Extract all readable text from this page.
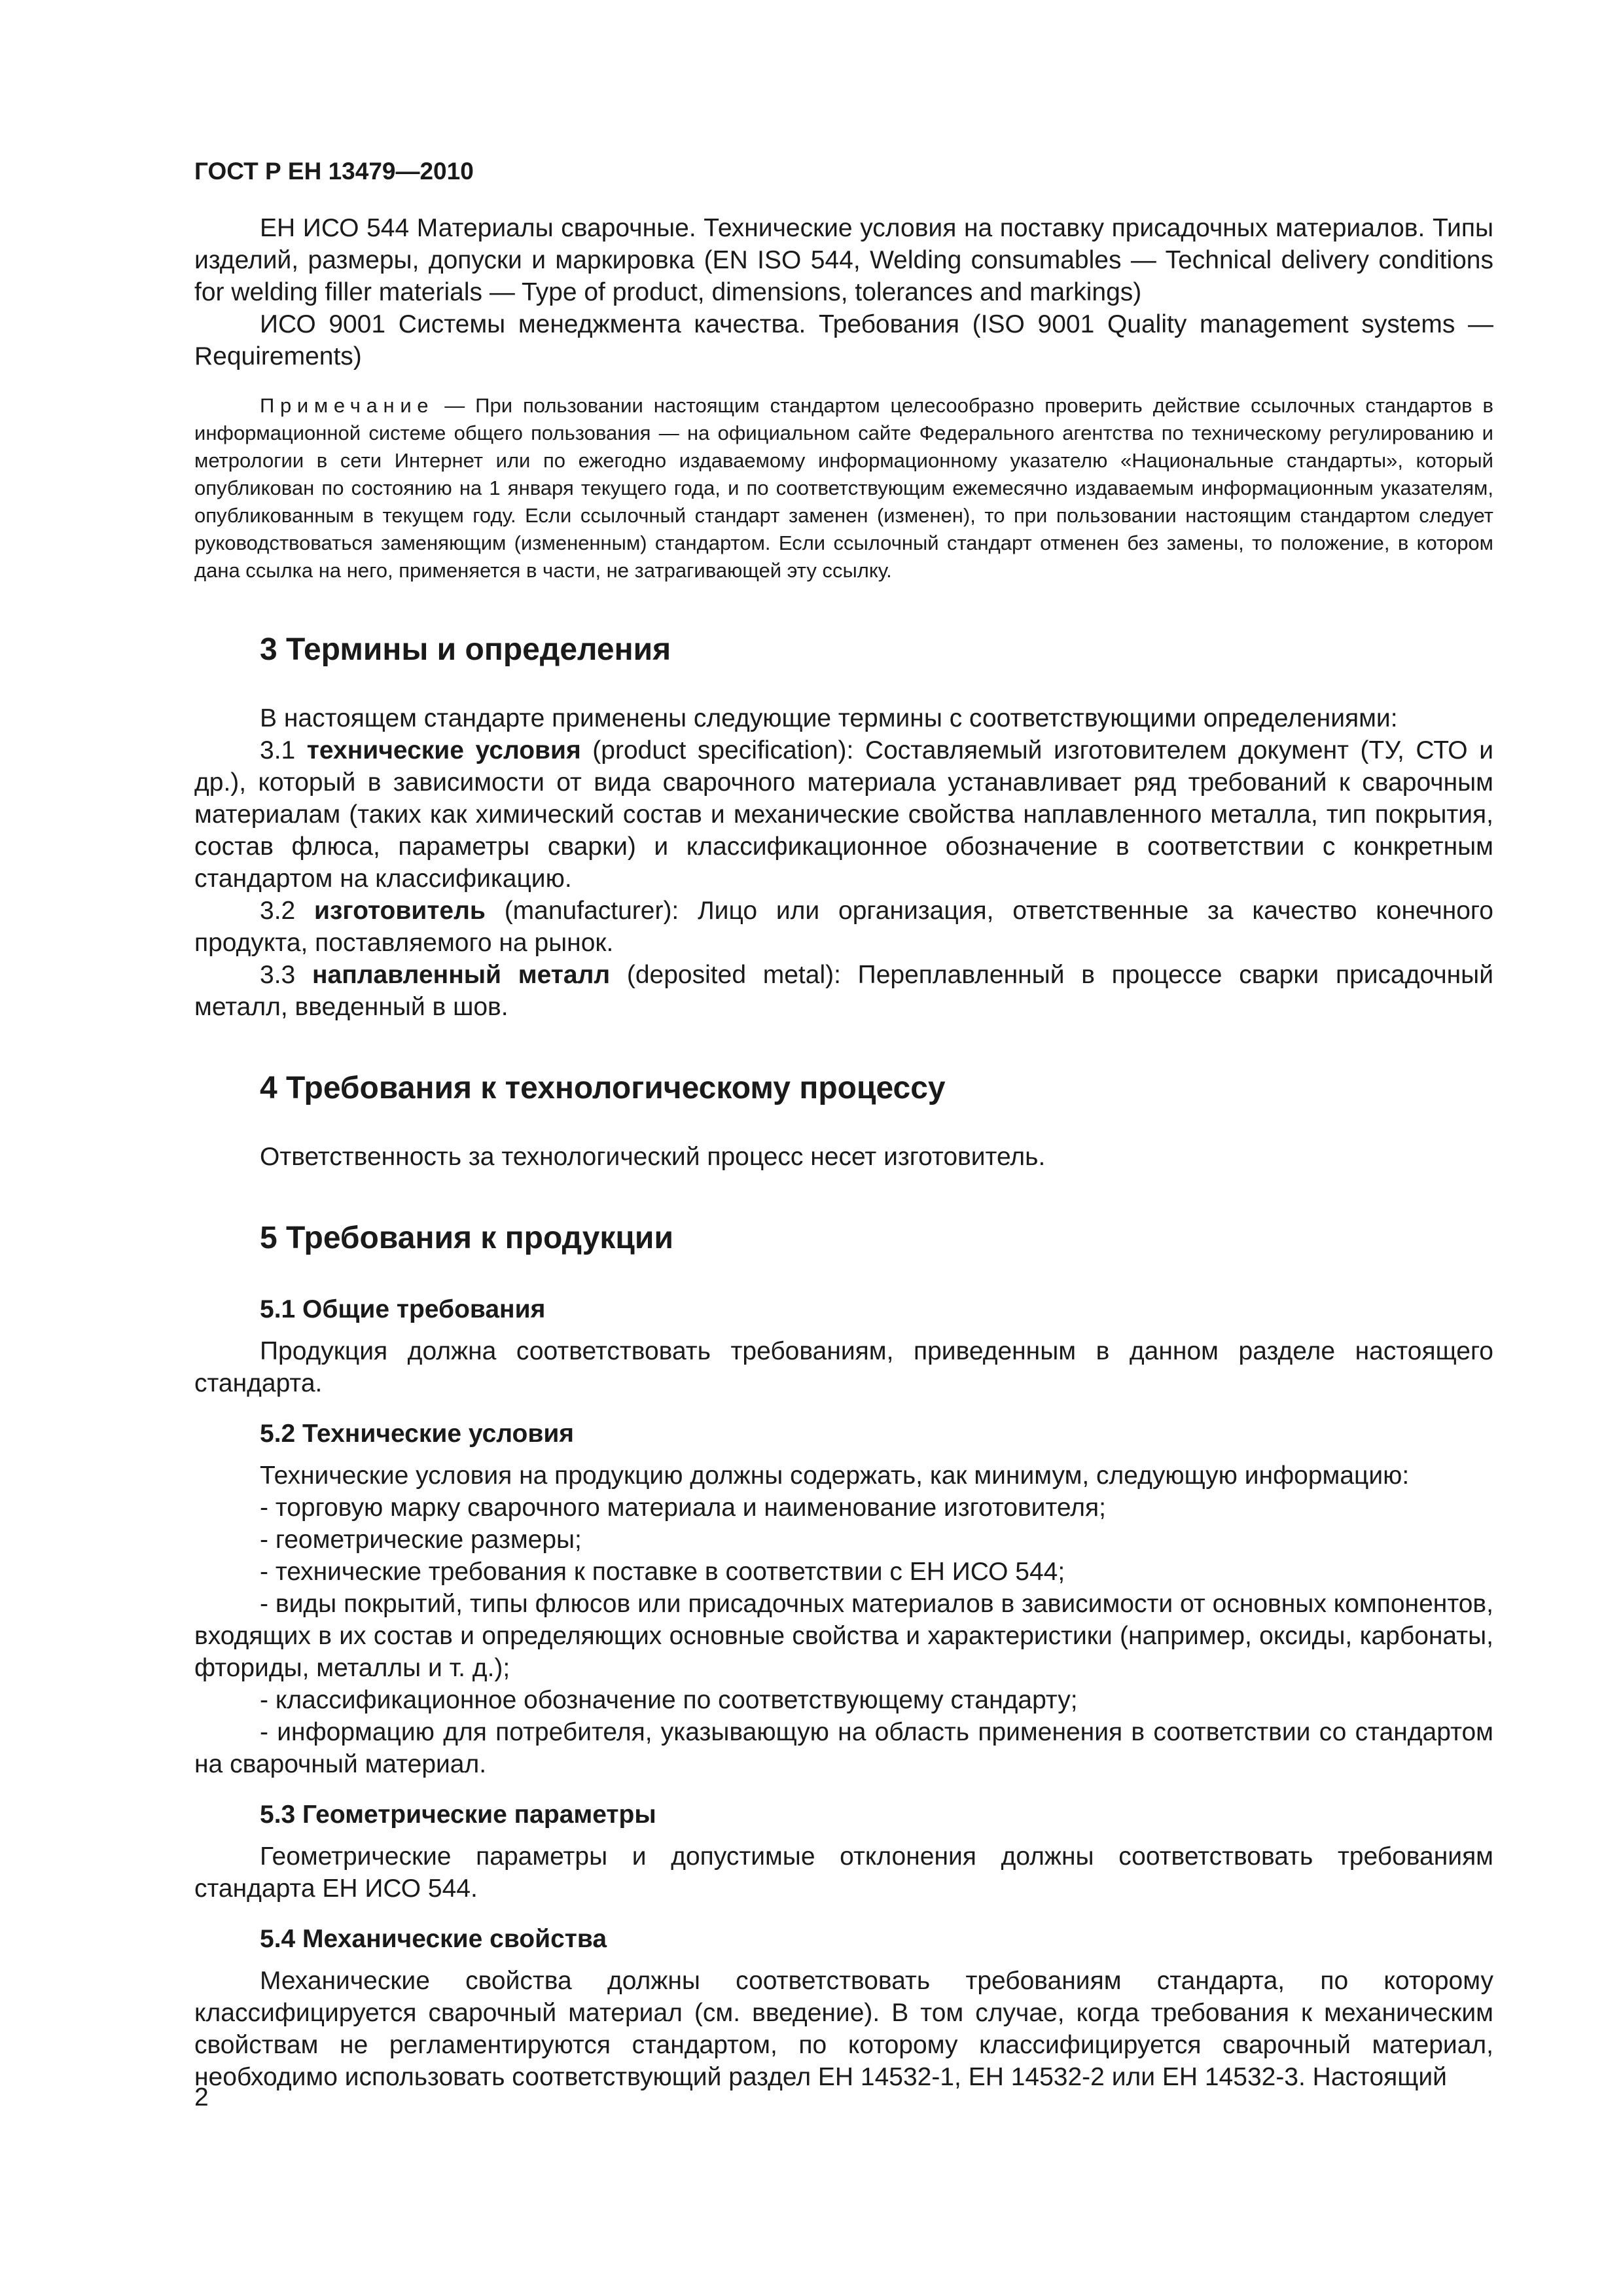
ГОСТ Р ЕН 13479—2010

ЕН ИСО 544 Материалы сварочные. Технические условия на поставку присадочных материалов. Типы изделий, размеры, допуски и маркировка (EN ISO 544, Welding consumables — Technical delivery conditions for welding filler materials — Type of product, dimensions, tolerances and markings)

ИСО 9001 Системы менеджмента качества. Требования (ISO 9001 Quality management systems — Requirements)

Примечание — При пользовании настоящим стандартом целесообразно проверить действие ссылочных стандартов в информационной системе общего пользования — на официальном сайте Федерального агентства по техническому регулированию и метрологии в сети Интернет или по ежегодно издаваемому информационному указателю «Национальные стандарты», который опубликован по состоянию на 1 января текущего года, и по соответствующим ежемесячно издаваемым информационным указателям, опубликованным в текущем году. Если ссылочный стандарт заменен (изменен), то при пользовании настоящим стандартом следует руководствоваться заменяющим (измененным) стандартом. Если ссылочный стандарт отменен без замены, то положение, в котором дана ссылка на него, применяется в части, не затрагивающей эту ссылку.

3 Термины и определения

В настоящем стандарте применены следующие термины с соответствующими определениями:

3.1 технические условия (product specification): Составляемый изготовителем документ (ТУ, СТО и др.), который в зависимости от вида сварочного материала устанавливает ряд требований к сварочным материалам (таких как химический состав и механические свойства наплавленного металла, тип покрытия, состав флюса, параметры сварки) и классификационное обозначение в соответствии с конкретным стандартом на классификацию.

3.2 изготовитель (manufacturer): Лицо или организация, ответственные за качество конечного продукта, поставляемого на рынок.

3.3 наплавленный металл (deposited metal): Переплавленный в процессе сварки присадочный металл, введенный в шов.

4 Требования к технологическому процессу

Ответственность за технологический процесс несет изготовитель.

5 Требования к продукции
5.1 Общие требования

Продукция должна соответствовать требованиям, приведенным в данном разделе настоящего стандарта.

5.2 Технические условия

Технические условия на продукцию должны содержать, как минимум, следующую информацию:

- торговую марку сварочного материала и наименование изготовителя;

- геометрические размеры;

- технические требования к поставке в соответствии с ЕН ИСО 544;

- виды покрытий, типы флюсов или присадочных материалов в зависимости от основных компонентов, входящих в их состав и определяющих основные свойства и характеристики (например, оксиды, карбонаты, фториды, металлы и т. д.);

- классификационное обозначение по соответствующему стандарту;

- информацию для потребителя, указывающую на область применения в соответствии со стандартом на сварочный материал.

5.3 Геометрические параметры

Геометрические параметры и допустимые отклонения должны соответствовать требованиям стандарта ЕН ИСО 544.

5.4 Механические свойства

Механические свойства должны соответствовать требованиям стандарта, по которому классифицируется сварочный материал (см. введение). В том случае, когда требования к механическим свойствам не регламентируются стандартом, по которому классифицируется сварочный материал, необходимо использовать соответствующий раздел ЕН 14532-1, ЕН 14532-2 или ЕН 14532-3. Настоящий

2
